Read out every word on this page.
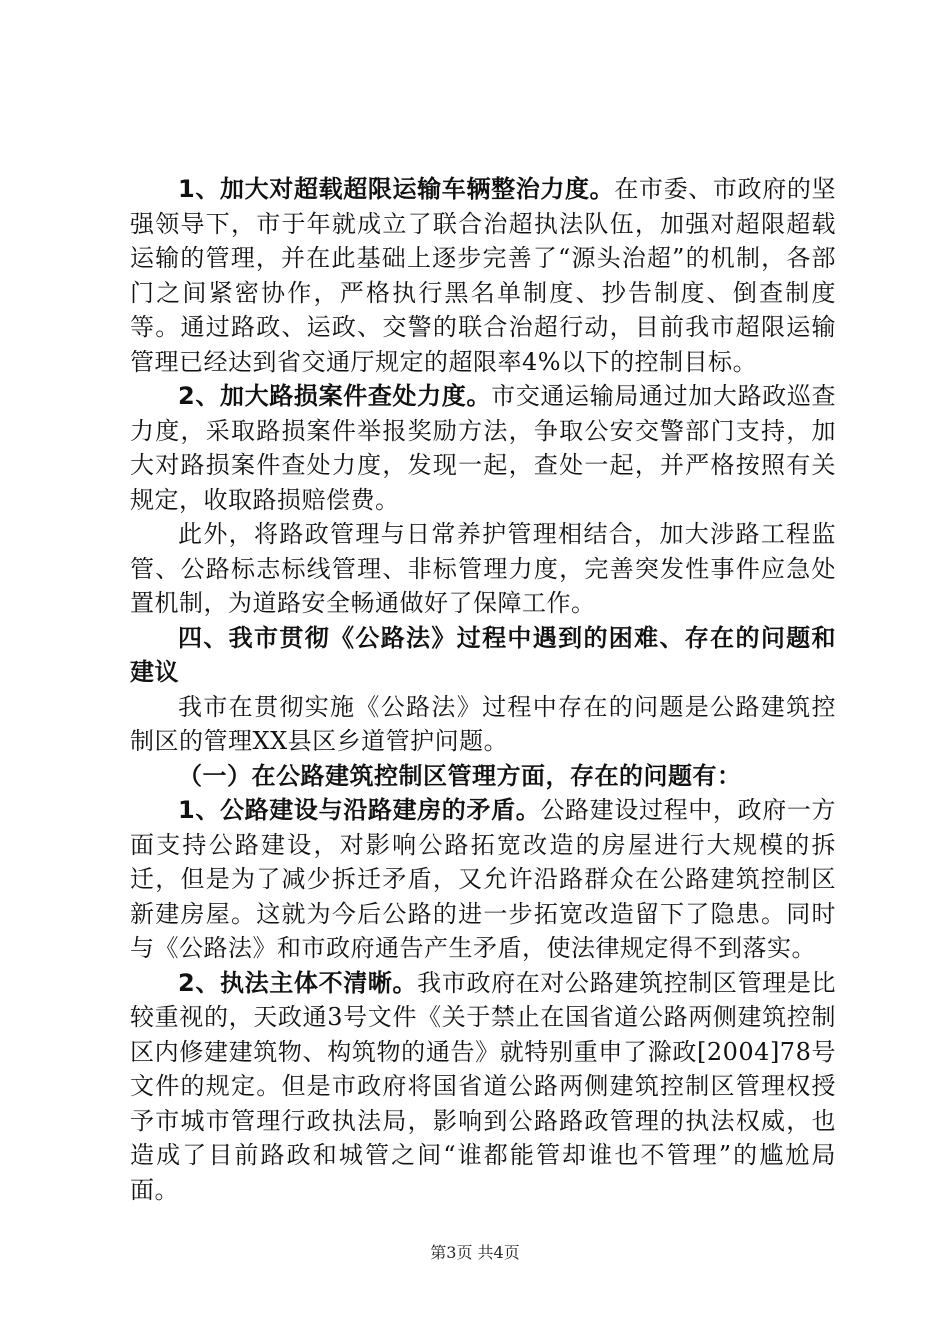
1、加大对超载超限运输车辆整治力度。在市委、市政府的坚强领导下，市于年就成立了联合治超执法队伍，加强对超限超载运输的管理，并在此基础上逐步完善了“源头治超”的机制，各部门之间紧密协作，严格执行黑名单制度、抄告制度、倒查制度等。通过路政、运政、交警的联合治超行动，目前我市超限运输管理已经达到省交通厅规定的超限率4%以下的控制目标。

2、加大路损案件查处力度。市交通运输局通过加大路政巡查力度，采取路损案件举报奖励方法，争取公安交警部门支持，加大对路损案件查处力度，发现一起，查处一起，并严格按照有关规定，收取路损赔偿费。

此外，将路政管理与日常养护管理相结合，加大涉路工程监管、公路标志标线管理、非标管理力度，完善突发性事件应急处置机制，为道路安全畅通做好了保障工作。

四、我市贯彻《公路法》过程中遇到的困难、存在的问题和建议

我市在贯彻实施《公路法》过程中存在的问题是公路建筑控制区的管理XX县区乡道管护问题。

（一）在公路建筑控制区管理方面，存在的问题有：

1、公路建设与沿路建房的矛盾。公路建设过程中，政府一方面支持公路建设，对影响公路拓宽改造的房屋进行大规模的拆迁，但是为了减少拆迁矛盾，又允许沿路群众在公路建筑控制区新建房屋。这就为今后公路的进一步拓宽改造留下了隐患。同时与《公路法》和市政府通告产生矛盾，使法律规定得不到落实。

2、执法主体不清晰。我市政府在对公路建筑控制区管理是比较重视的，天政通3号文件《关于禁止在国省道公路两侧建筑控制区内修建建筑物、构筑物的通告》就特别重申了滁政[2004]78号文件的规定。但是市政府将国省道公路两侧建筑控制区管理权授予市城市管理行政执法局，影响到公路路政管理的执法权威，也造成了目前路政和城管之间“谁都能管却谁也不管理”的尴尬局面。

第3页 共4页
